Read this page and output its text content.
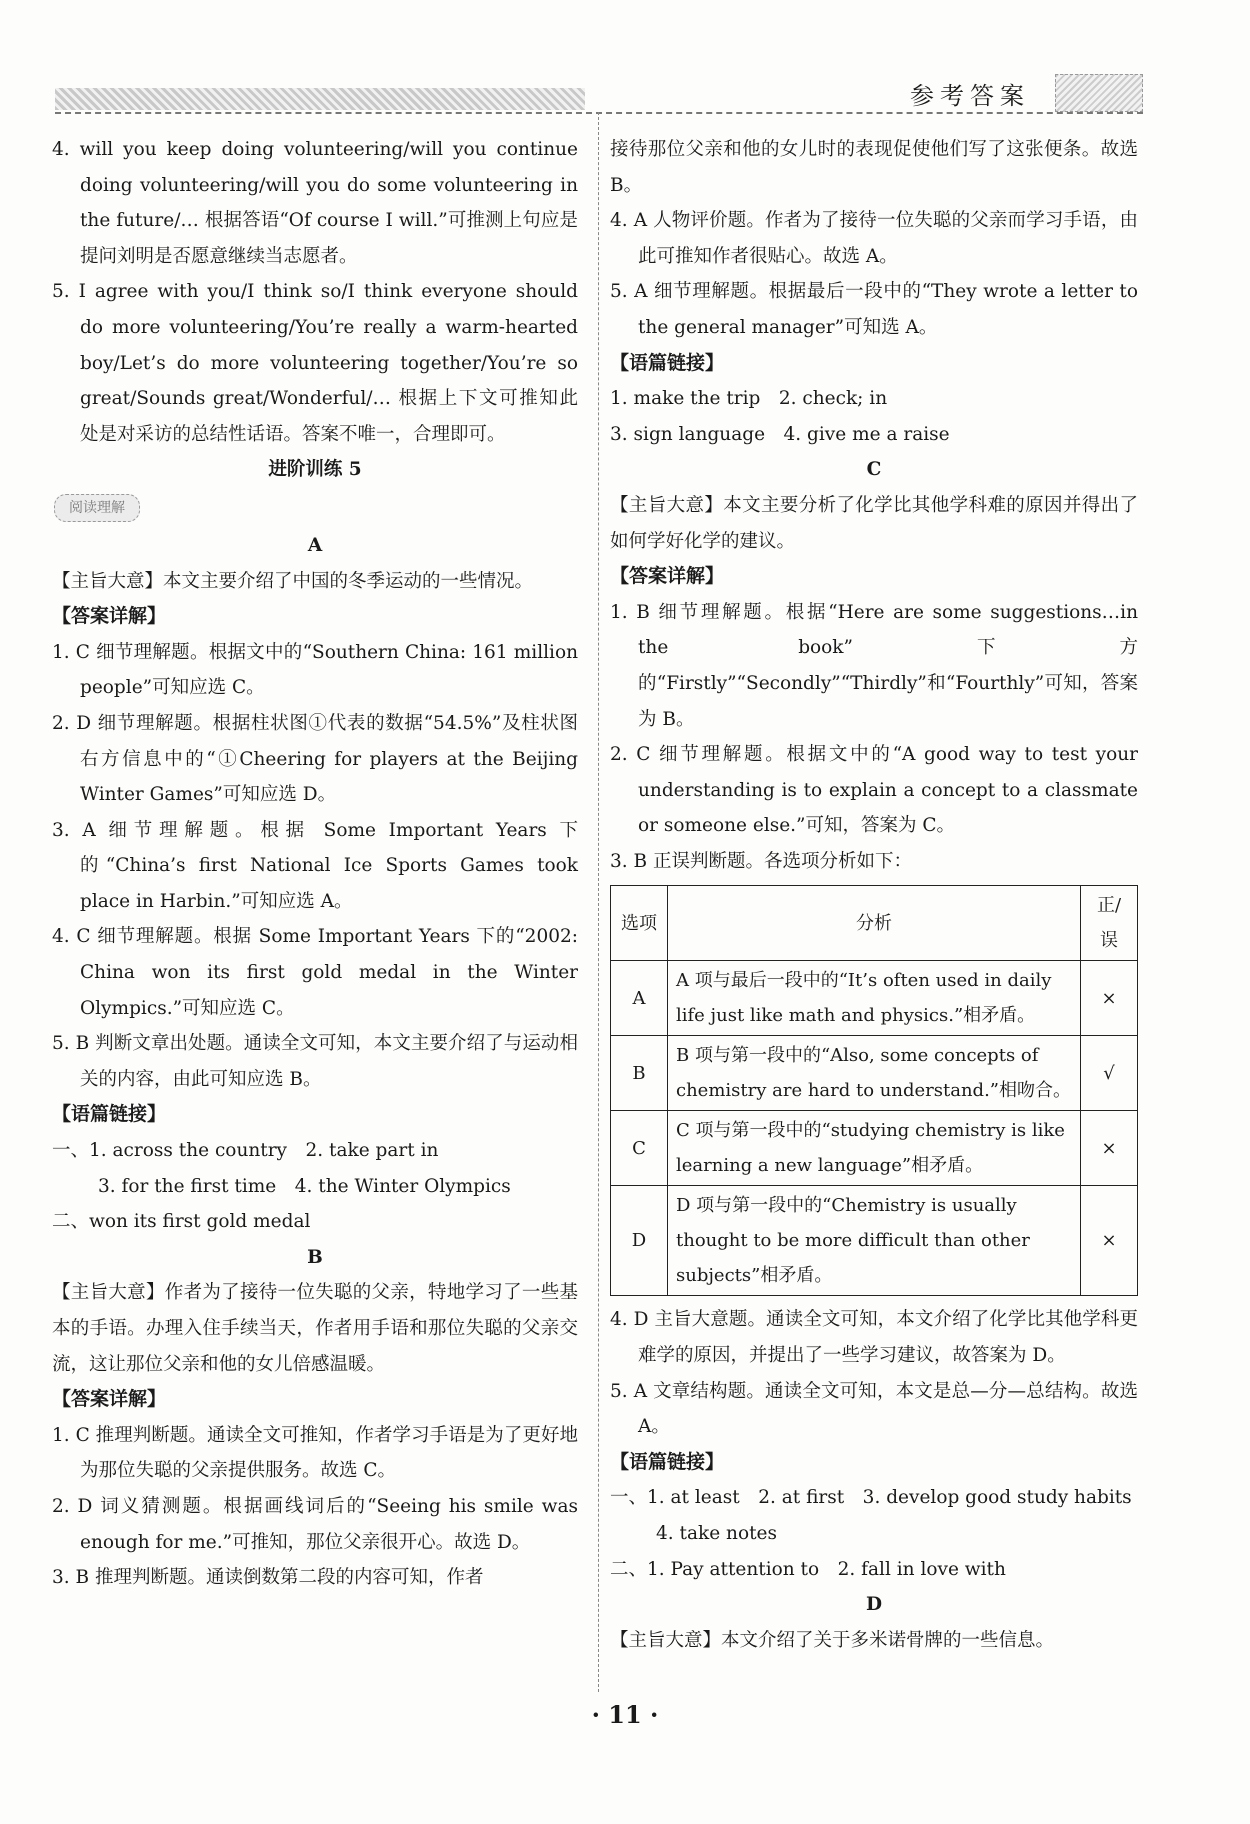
参考答案

4. will you keep doing volunteering/will you continue doing volunteering/will you do some volunteering in the future/… 根据答语“Of course I will.”可推测上句应是提问刘明是否愿意继续当志愿者。

5. I agree with you/I think so/I think everyone should do more volunteering/You’re really a warm-hearted boy/Let’s do more volunteering together/You’re so great/Sounds great/Wonderful/… 根据上下文可推知此处是对采访的总结性话语。答案不唯一，合理即可。

进阶训练 5

阅读理解

A

【主旨大意】本文主要介绍了中国的冬季运动的一些情况。

【答案详解】

1. C 细节理解题。根据文中的“Southern China: 161 million people”可知应选 C。

2. D 细节理解题。根据柱状图①代表的数据“54.5%”及柱状图右方信息中的“①Cheering for players at the Beijing Winter Games”可知应选 D。

3. A 细节理解题。根据 Some Important Years 下的“China’s first National Ice Sports Games took place in Harbin.”可知应选 A。

4. C 细节理解题。根据 Some Important Years 下的“2002: China won its first gold medal in the Winter Olympics.”可知应选 C。

5. B 判断文章出处题。通读全文可知，本文主要介绍了与运动相关的内容，由此可知应选 B。

【语篇链接】

一、1. across the country　2. take part in

3. for the first time　4. the Winter Olympics

二、won its first gold medal

B

【主旨大意】作者为了接待一位失聪的父亲，特地学习了一些基本的手语。办理入住手续当天，作者用手语和那位失聪的父亲交流，这让那位父亲和他的女儿倍感温暖。

【答案详解】

1. C 推理判断题。通读全文可推知，作者学习手语是为了更好地为那位失聪的父亲提供服务。故选 C。

2. D 词义猜测题。根据画线词后的“Seeing his smile was enough for me.”可推知，那位父亲很开心。故选 D。

3. B 推理判断题。通读倒数第二段的内容可知，作者

接待那位父亲和他的女儿时的表现促使他们写了这张便条。故选 B。

4. A 人物评价题。作者为了接待一位失聪的父亲而学习手语，由此可推知作者很贴心。故选 A。

5. A 细节理解题。根据最后一段中的“They wrote a letter to the general manager”可知选 A。

【语篇链接】

1. make the trip　2. check; in

3. sign language　4. give me a raise

C

【主旨大意】本文主要分析了化学比其他学科难的原因并得出了如何学好化学的建议。

【答案详解】

1. B 细节理解题。根据“Here are some suggestions…in the book”下方的“Firstly”“Secondly”“Thirdly”和“Fourthly”可知，答案为 B。

2. C 细节理解题。根据文中的“A good way to test your understanding is to explain a concept to a classmate or someone else.”可知，答案为 C。

3. B 正误判断题。各选项分析如下：

选项	分析	正/误
A	A 项与最后一段中的“It’s often used in daily life just like math and physics.”相矛盾。	×
B	B 项与第一段中的“Also, some concepts of chemistry are hard to understand.”相吻合。	√
C	C 项与第一段中的“studying chemistry is like learning a new language”相矛盾。	×
D	D 项与第一段中的“Chemistry is usually thought to be more difficult than other subjects”相矛盾。	×

4. D 主旨大意题。通读全文可知，本文介绍了化学比其他学科更难学的原因，并提出了一些学习建议，故答案为 D。

5. A 文章结构题。通读全文可知，本文是总—分—总结构。故选 A。

【语篇链接】

一、1. at least　2. at first　3. develop good study habits

4. take notes

二、1. Pay attention to　2. fall in love with

D

【主旨大意】本文介绍了关于多米诺骨牌的一些信息。

· 11 ·
